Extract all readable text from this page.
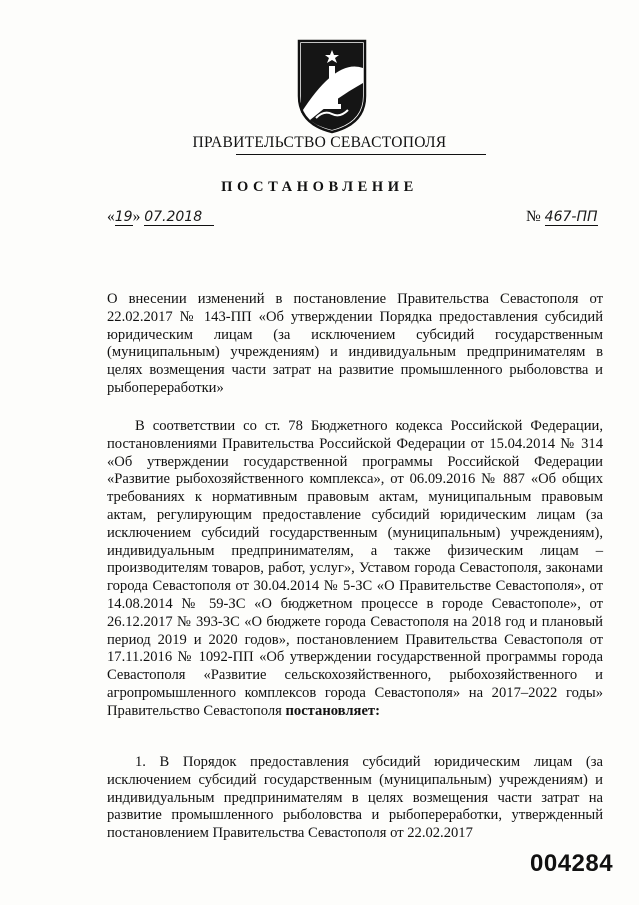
ПРАВИТЕЛЬСТВО СЕВАСТОПОЛЯ
ПОСТАНОВЛЕНИЕ
«19» 07.2018	№ 467-ПП
О внесении изменений в постановление Правительства Севастополя от 22.02.2017 № 143-ПП «Об утверждении Порядка предоставления субсидий юридическим лицам (за исключением субсидий государственным (муниципальным) учреждениям) и индивидуальным предпринимателям в целях возмещения части затрат на развитие промышленного рыболовства и рыбопереработки»
В соответствии со ст. 78 Бюджетного кодекса Российской Федерации, постановлениями Правительства Российской Федерации от 15.04.2014 № 314 «Об утверждении государственной программы Российской Федерации «Развитие рыбохозяйственного комплекса», от 06.09.2016 № 887 «Об общих требованиях к нормативным правовым актам, муниципальным правовым актам, регулирующим предоставление субсидий юридическим лицам (за исключением субсидий государственным (муниципальным) учреждениям), индивидуальным предпринимателям, а также физическим лицам – производителям товаров, работ, услуг», Уставом города Севастополя, законами города Севастополя от 30.04.2014 № 5-ЗС «О Правительстве Севастополя», от 14.08.2014 № 59-ЗС «О бюджетном процессе в городе Севастополе», от 26.12.2017 № 393-ЗС «О бюджете города Севастополя на 2018 год и плановый период 2019 и 2020 годов», постановлением Правительства Севастополя от 17.11.2016 № 1092-ПП «Об утверждении государственной программы города Севастополя «Развитие сельскохозяйственного, рыбохозяйственного и агропромышленного комплексов города Севастополя» на 2017–2022 годы» Правительство Севастополя постановляет:
1. В Порядок предоставления субсидий юридическим лицам (за исключением субсидий государственным (муниципальным) учреждениям) и индивидуальным предпринимателям в целях возмещения части затрат на развитие промышленного рыболовства и рыбопереработки, утвержденный постановлением Правительства Севастополя от 22.02.2017
004284
